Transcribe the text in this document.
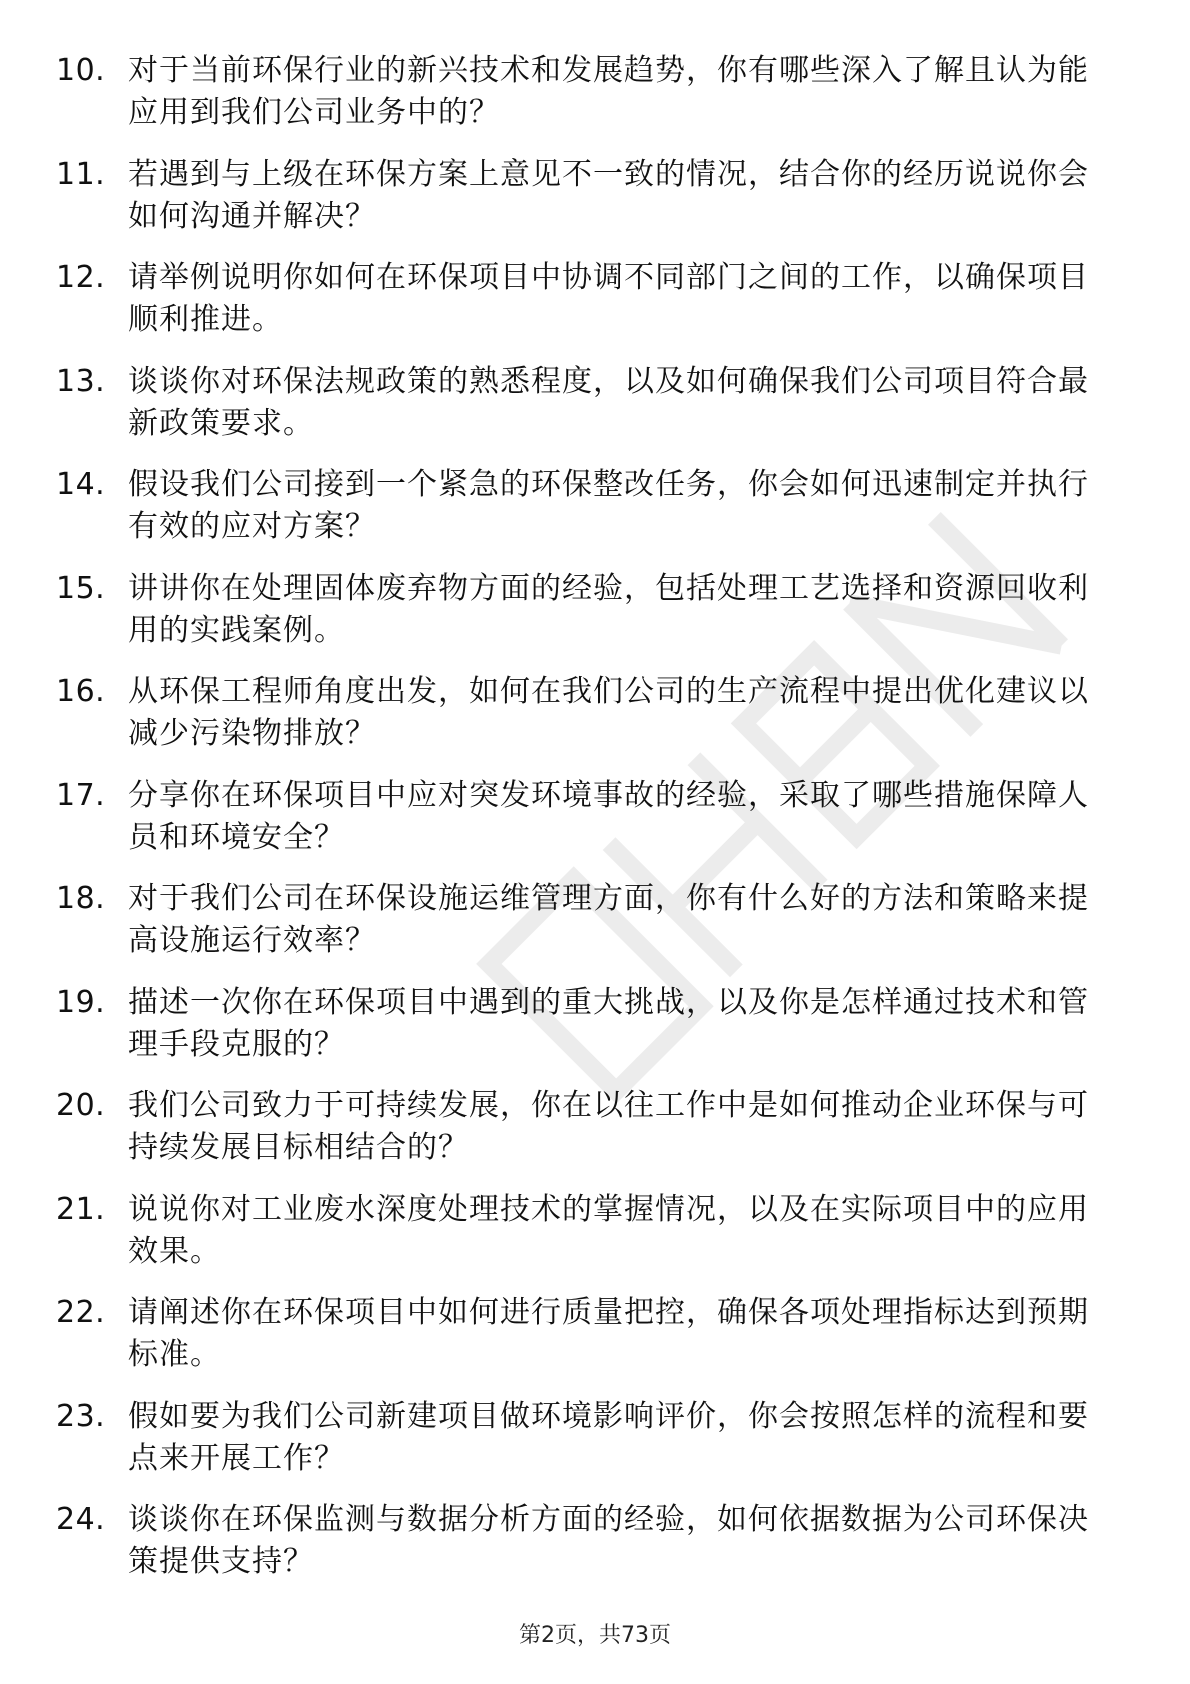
10. 对于当前环保行业的新兴技术和发展趋势，你有哪些深入了解且认为能应用到我们公司业务中的？
11. 若遇到与上级在环保方案上意见不一致的情况，结合你的经历说说你会如何沟通并解决？
12. 请举例说明你如何在环保项目中协调不同部门之间的工作，以确保项目顺利推进。
13. 谈谈你对环保法规政策的熟悉程度，以及如何确保我们公司项目符合最新政策要求。
14. 假设我们公司接到一个紧急的环保整改任务，你会如何迅速制定并执行有效的应对方案？
15. 讲讲你在处理固体废弃物方面的经验，包括处理工艺选择和资源回收利用的实践案例。
16. 从环保工程师角度出发，如何在我们公司的生产流程中提出优化建议以减少污染物排放？
17. 分享你在环保项目中应对突发环境事故的经验，采取了哪些措施保障人员和环境安全？
18. 对于我们公司在环保设施运维管理方面，你有什么好的方法和策略来提高设施运行效率？
19. 描述一次你在环保项目中遇到的重大挑战，以及你是怎样通过技术和管理手段克服的？
20. 我们公司致力于可持续发展，你在以往工作中是如何推动企业环保与可持续发展目标相结合的？
21. 说说你对工业废水深度处理技术的掌握情况，以及在实际项目中的应用效果。
22. 请阐述你在环保项目中如何进行质量把控，确保各项处理指标达到预期标准。
23. 假如要为我们公司新建项目做环境影响评价，你会按照怎样的流程和要点来开展工作？
24. 谈谈你在环保监测与数据分析方面的经验，如何依据数据为公司环保决策提供支持？
第2页，共73页
